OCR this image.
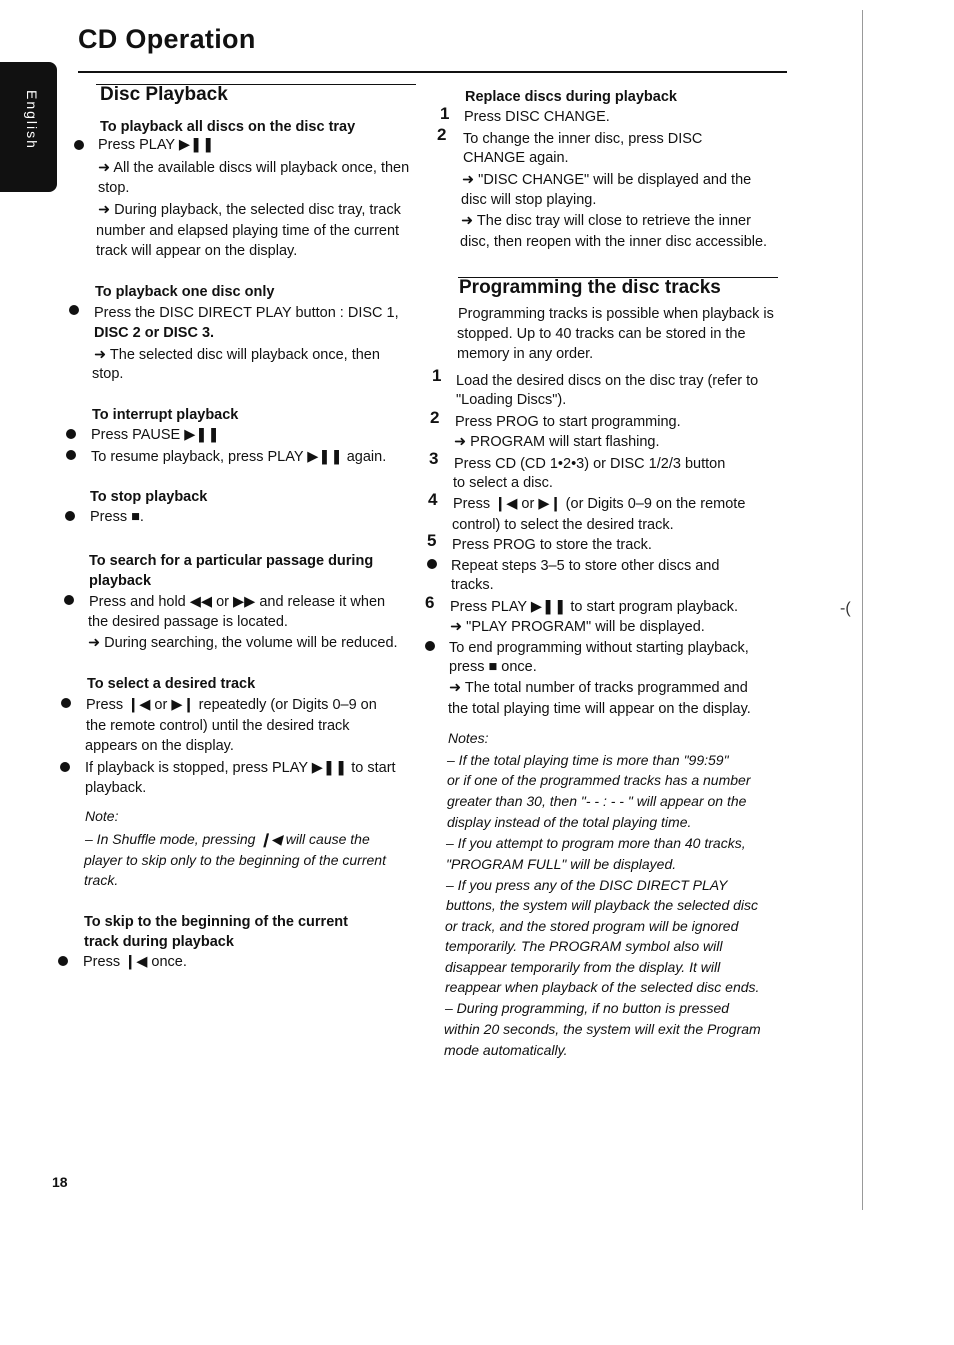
CD Operation
English
-(
Disc Playback
To playback all discs on the disc tray
Press PLAY ▶❚❚
➜ All the available discs will playback once, then
stop.
➜ During playback, the selected disc tray, track
number and elapsed playing time of the current
track will appear on the display.
To playback one disc only
Press the DISC DIRECT PLAY button : DISC 1,
DISC 2 or DISC 3.
➜ The selected disc will playback once, then
stop.
To interrupt playback
Press PAUSE ▶❚❚
To resume playback, press PLAY ▶❚❚ again.
To stop playback
Press ■.
To search for a particular passage during
playback
Press and hold ◀◀ or ▶▶ and release it when
the desired passage is located.
➜ During searching, the volume will be reduced.
To select a desired track
Press ❙◀ or ▶❙ repeatedly (or Digits 0–9 on
the remote control) until the desired track
appears on the display.
If playback is stopped, press PLAY ▶❚❚ to start
playback.
Note:
– In Shuffle mode, pressing ❙◀ will cause the
player to skip only to the beginning of the current
track.
To skip to the beginning of the current
track during playback
Press ❙◀ once.
Replace discs during playback
1 Press DISC CHANGE.
2 To change the inner disc, press DISC
CHANGE again.
➜ "DISC CHANGE" will be displayed and the
disc will stop playing.
➜ The disc tray will close to retrieve the inner
disc, then reopen with the inner disc accessible.
Programming the disc tracks
Programming tracks is possible when playback is
stopped. Up to 40 tracks can be stored in the
memory in any order.
1 Load the desired discs on the disc tray (refer to
"Loading Discs").
2 Press PROG to start programming.
➜ PROGRAM will start flashing.
3 Press CD (CD 1•2•3) or DISC 1/2/3 button
to select a disc.
4 Press ❙◀ or ▶❙ (or Digits 0–9 on the remote
control) to select the desired track.
5 Press PROG to store the track.
Repeat steps 3–5 to store other discs and
tracks.
6 Press PLAY ▶❚❚ to start program playback.
➜ "PLAY PROGRAM" will be displayed.
To end programming without starting playback,
press ■ once.
➜ The total number of tracks programmed and
the total playing time will appear on the display.
Notes:
– If the total playing time is more than "99:59"
or if one of the programmed tracks has a number
greater than 30, then "- - : - - " will appear on the
display instead of the total playing time.
– If you attempt to program more than 40 tracks,
"PROGRAM FULL" will be displayed.
– If you press any of the DISC DIRECT PLAY
buttons, the system will playback the selected disc
or track, and the stored program will be ignored
temporarily. The PROGRAM symbol also will
disappear temporarily from the display. It will
reappear when playback of the selected disc ends.
– During programming, if no button is pressed
within 20 seconds, the system will exit the Program
mode automatically.
18
